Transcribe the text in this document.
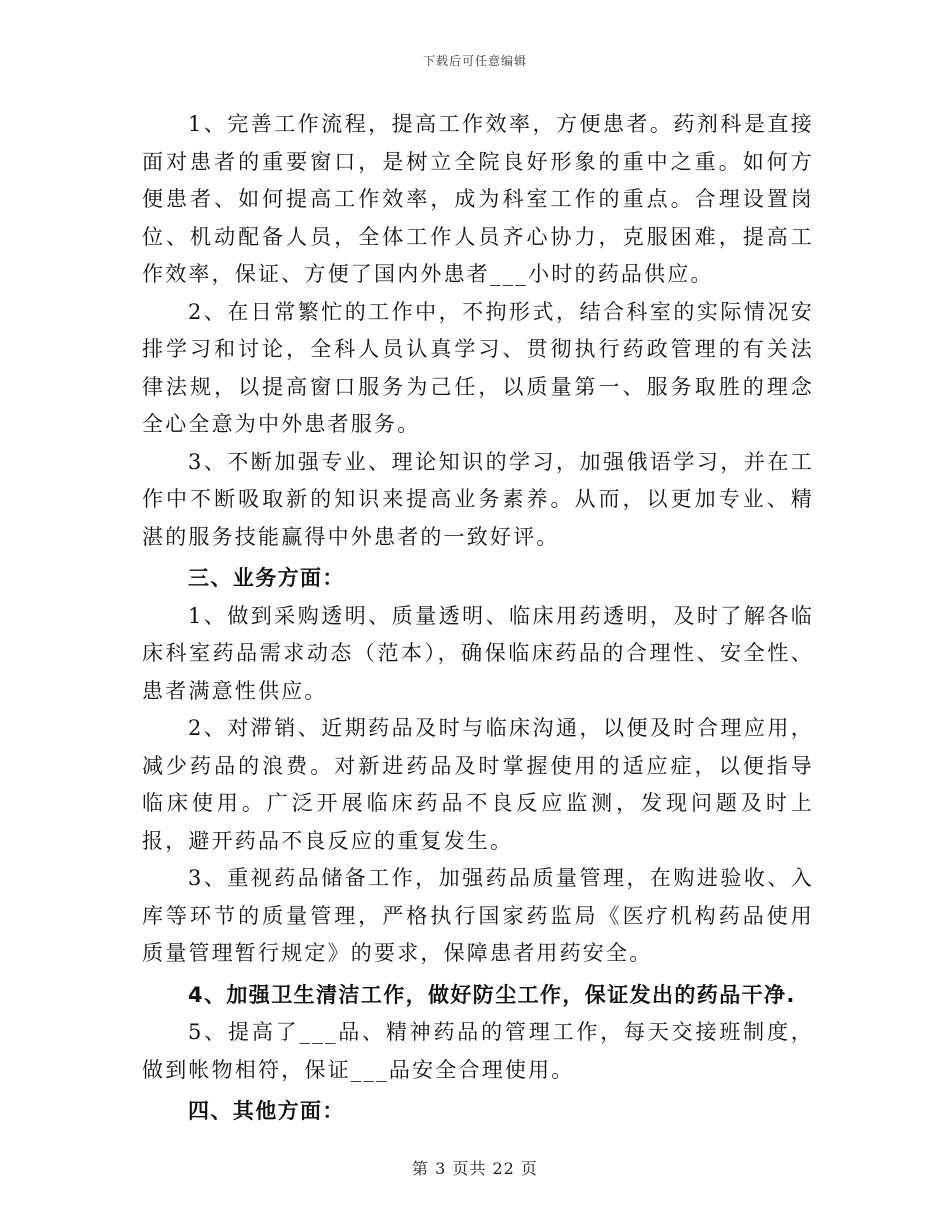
下载后可任意编辑

1、完善工作流程，提高工作效率，方便患者。药剂科是直接面对患者的重要窗口，是树立全院良好形象的重中之重。如何方便患者、如何提高工作效率，成为科室工作的重点。合理设置岗位、机动配备人员，全体工作人员齐心协力，克服困难，提高工作效率，保证、方便了国内外患者___小时的药品供应。

2、在日常繁忙的工作中，不拘形式，结合科室的实际情况安排学习和讨论，全科人员认真学习、贯彻执行药政管理的有关法律法规，以提高窗口服务为己任，以质量第一、服务取胜的理念全心全意为中外患者服务。

3、不断加强专业、理论知识的学习，加强俄语学习，并在工作中不断吸取新的知识来提高业务素养。从而，以更加专业、精湛的服务技能赢得中外患者的一致好评。

三、业务方面：

1、做到采购透明、质量透明、临床用药透明，及时了解各临床科室药品需求动态（范本），确保临床药品的合理性、安全性、患者满意性供应。

2、对滞销、近期药品及时与临床沟通，以便及时合理应用，减少药品的浪费。对新进药品及时掌握使用的适应症，以便指导临床使用。广泛开展临床药品不良反应监测，发现问题及时上报，避开药品不良反应的重复发生。

3、重视药品储备工作，加强药品质量管理，在购进验收、入库等环节的质量管理，严格执行国家药监局《医疗机构药品使用质量管理暂行规定》的要求，保障患者用药安全。

4、加强卫生清洁工作，做好防尘工作，保证发出的药品干净.

5、提高了___品、精神药品的管理工作，每天交接班制度，做到帐物相符，保证___品安全合理使用。

四、其他方面：

第 3 页共 22 页
